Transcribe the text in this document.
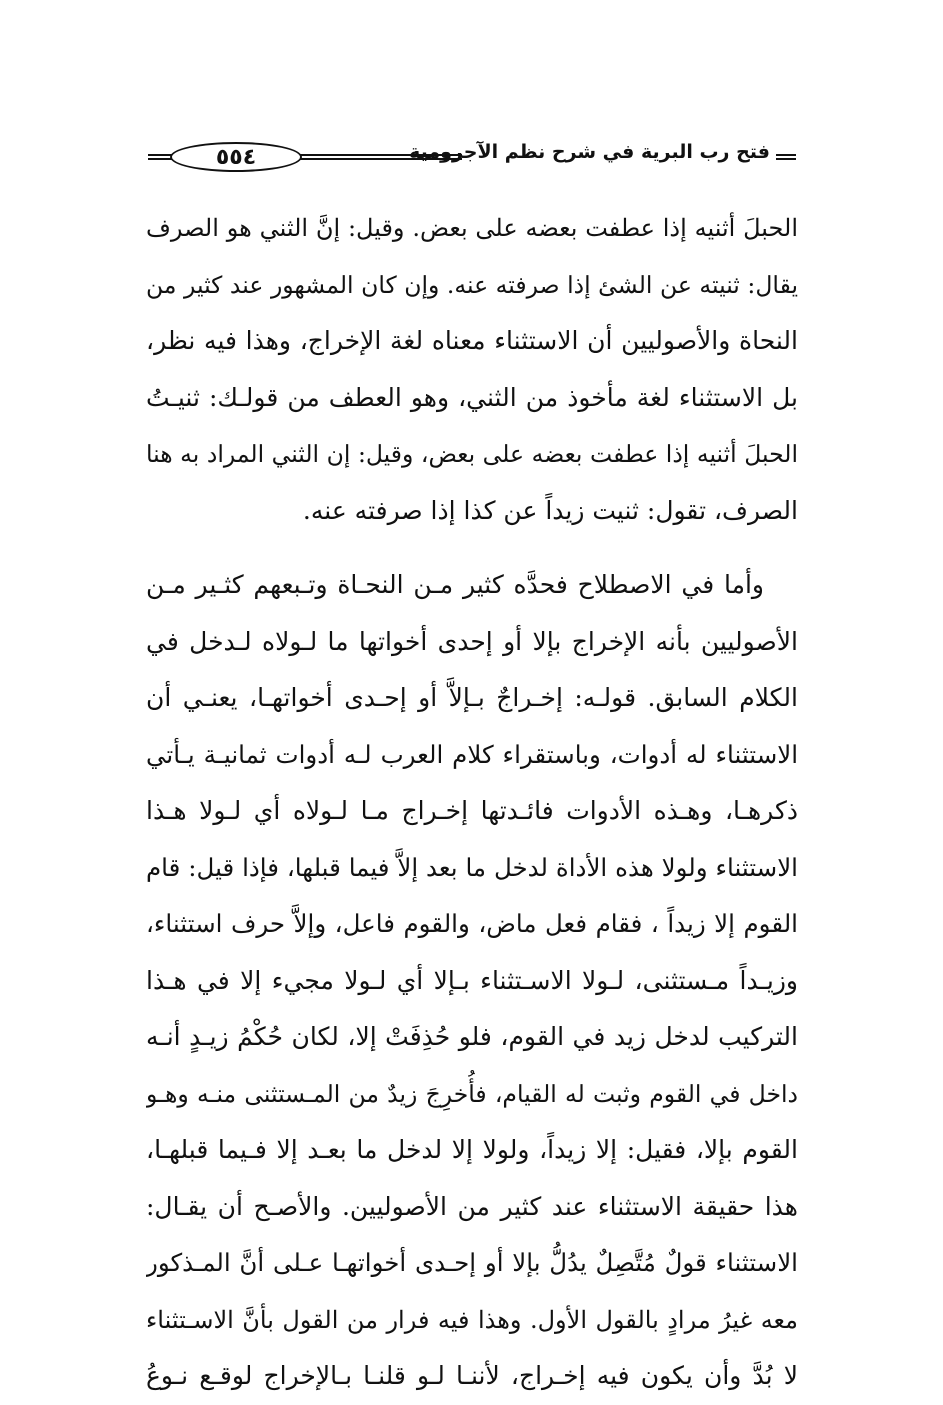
٥٥٤	فتح رب البرية في شرح نظم الآجرومية
الحبلَ أثنيه إذا عطفت بعضه على بعض. وقيل: إنَّ الثني هو الصرف
يقال: ثنيته عن الشئ إذا صرفته عنه. وإن كان المشهور عند كثير من
النحاة والأصوليين أن الاستثناء معناه لغة الإخراج، وهذا فيه نظر،
بل الاستثناء لغة مأخوذ من الثني، وهو العطف من قولـك: ثنيـتُ
الحبلَ أثنيه إذا عطفت بعضه على بعض، وقيل: إن الثني المراد به هنا
الصرف، تقول: ثنيت زيداً عن كذا إذا صرفته عنه.
وأما في الاصطلاح فحدَّه كثير مـن النحـاة وتـبعهم كثـير مـن
الأصوليين بأنه الإخراج بإلا أو إحدى أخواتها ما لـولاه لـدخل في
الكلام السابق. قولـه: إخـراجٌ بـإلاَّ أو إحـدى أخواتهـا، يعنـي أن
الاستثناء له أدوات، وباستقراء كلام العرب لـه أدوات ثمانيـة يـأتي
ذكرهـا، وهـذه الأدوات فائـدتها إخـراج مـا لـولاه أي لـولا هـذا
الاستثناء ولولا هذه الأداة لدخل ما بعد إلاَّ فيما قبلها، فإذا قيل: قام
القوم إلا زيداً ، فقام فعل ماض، والقوم فاعل، وإلاَّ حرف استثناء،
وزيـداً مـستثنى، لـولا الاسـتثناء بـإلا أي لـولا مجيء إلا في هـذا
التركيب لدخل زيد في القوم، فلو حُذِفَتْ إلا، لكان حُكْمُ زيـدٍ أنـه
داخل في القوم وثبت له القيام، فأُخرِجَ زيدٌ من المـستثنى منـه وهـو
القوم بإلا، فقيل: إلا زيداً، ولولا إلا لدخل ما بعـد إلا فـيما قبلهـا،
هذا حقيقة الاستثناء عند كثير من الأصوليين. والأصـح أن يقـال:
الاستثناء قولٌ مُتَّصِلٌ يدُلُّ بإلا أو إحـدى أخواتهـا عـلى أنَّ المـذكور
معه غيرُ مرادٍ بالقول الأول. وهذا فيه فرار من القول بأنَّ الاسـتثناء
لا بُدَّ وأن يكون فيه إخـراج، لأننـا لـو قلنـا بـالإخراج لوقـع نـوعُ
